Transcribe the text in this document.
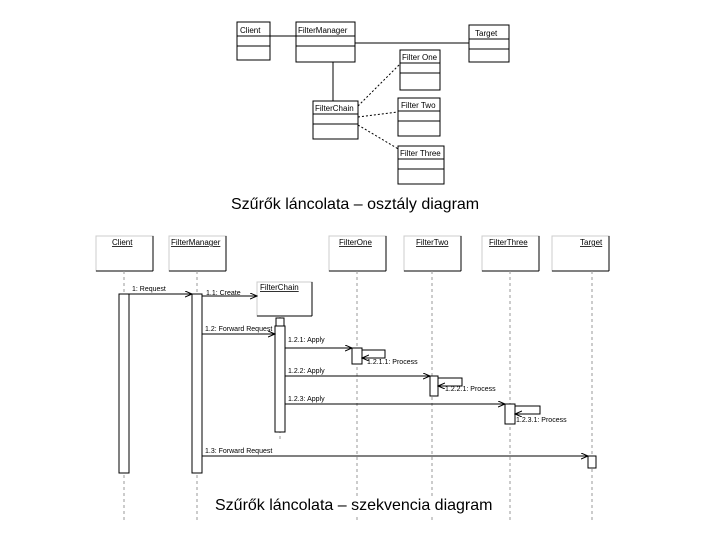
Client	FilterManager	Target
Filter One
FilterChain	Filter Two
Filter Three
Client	FilterManager	FilterOne	FilterTwo	FilterThree	Target
FilterChain
1: Request
1.1: Create
1.2: Forward Request
1.2.1: Apply
1.2.1.1: Process
1.2.2: Apply
1.2.2.1: Process
1.2.3: Apply
1.2.3.1: Process
1.3: Forward Request
Szűrők láncolata – osztály diagram
Szűrők láncolata – szekvencia diagram
